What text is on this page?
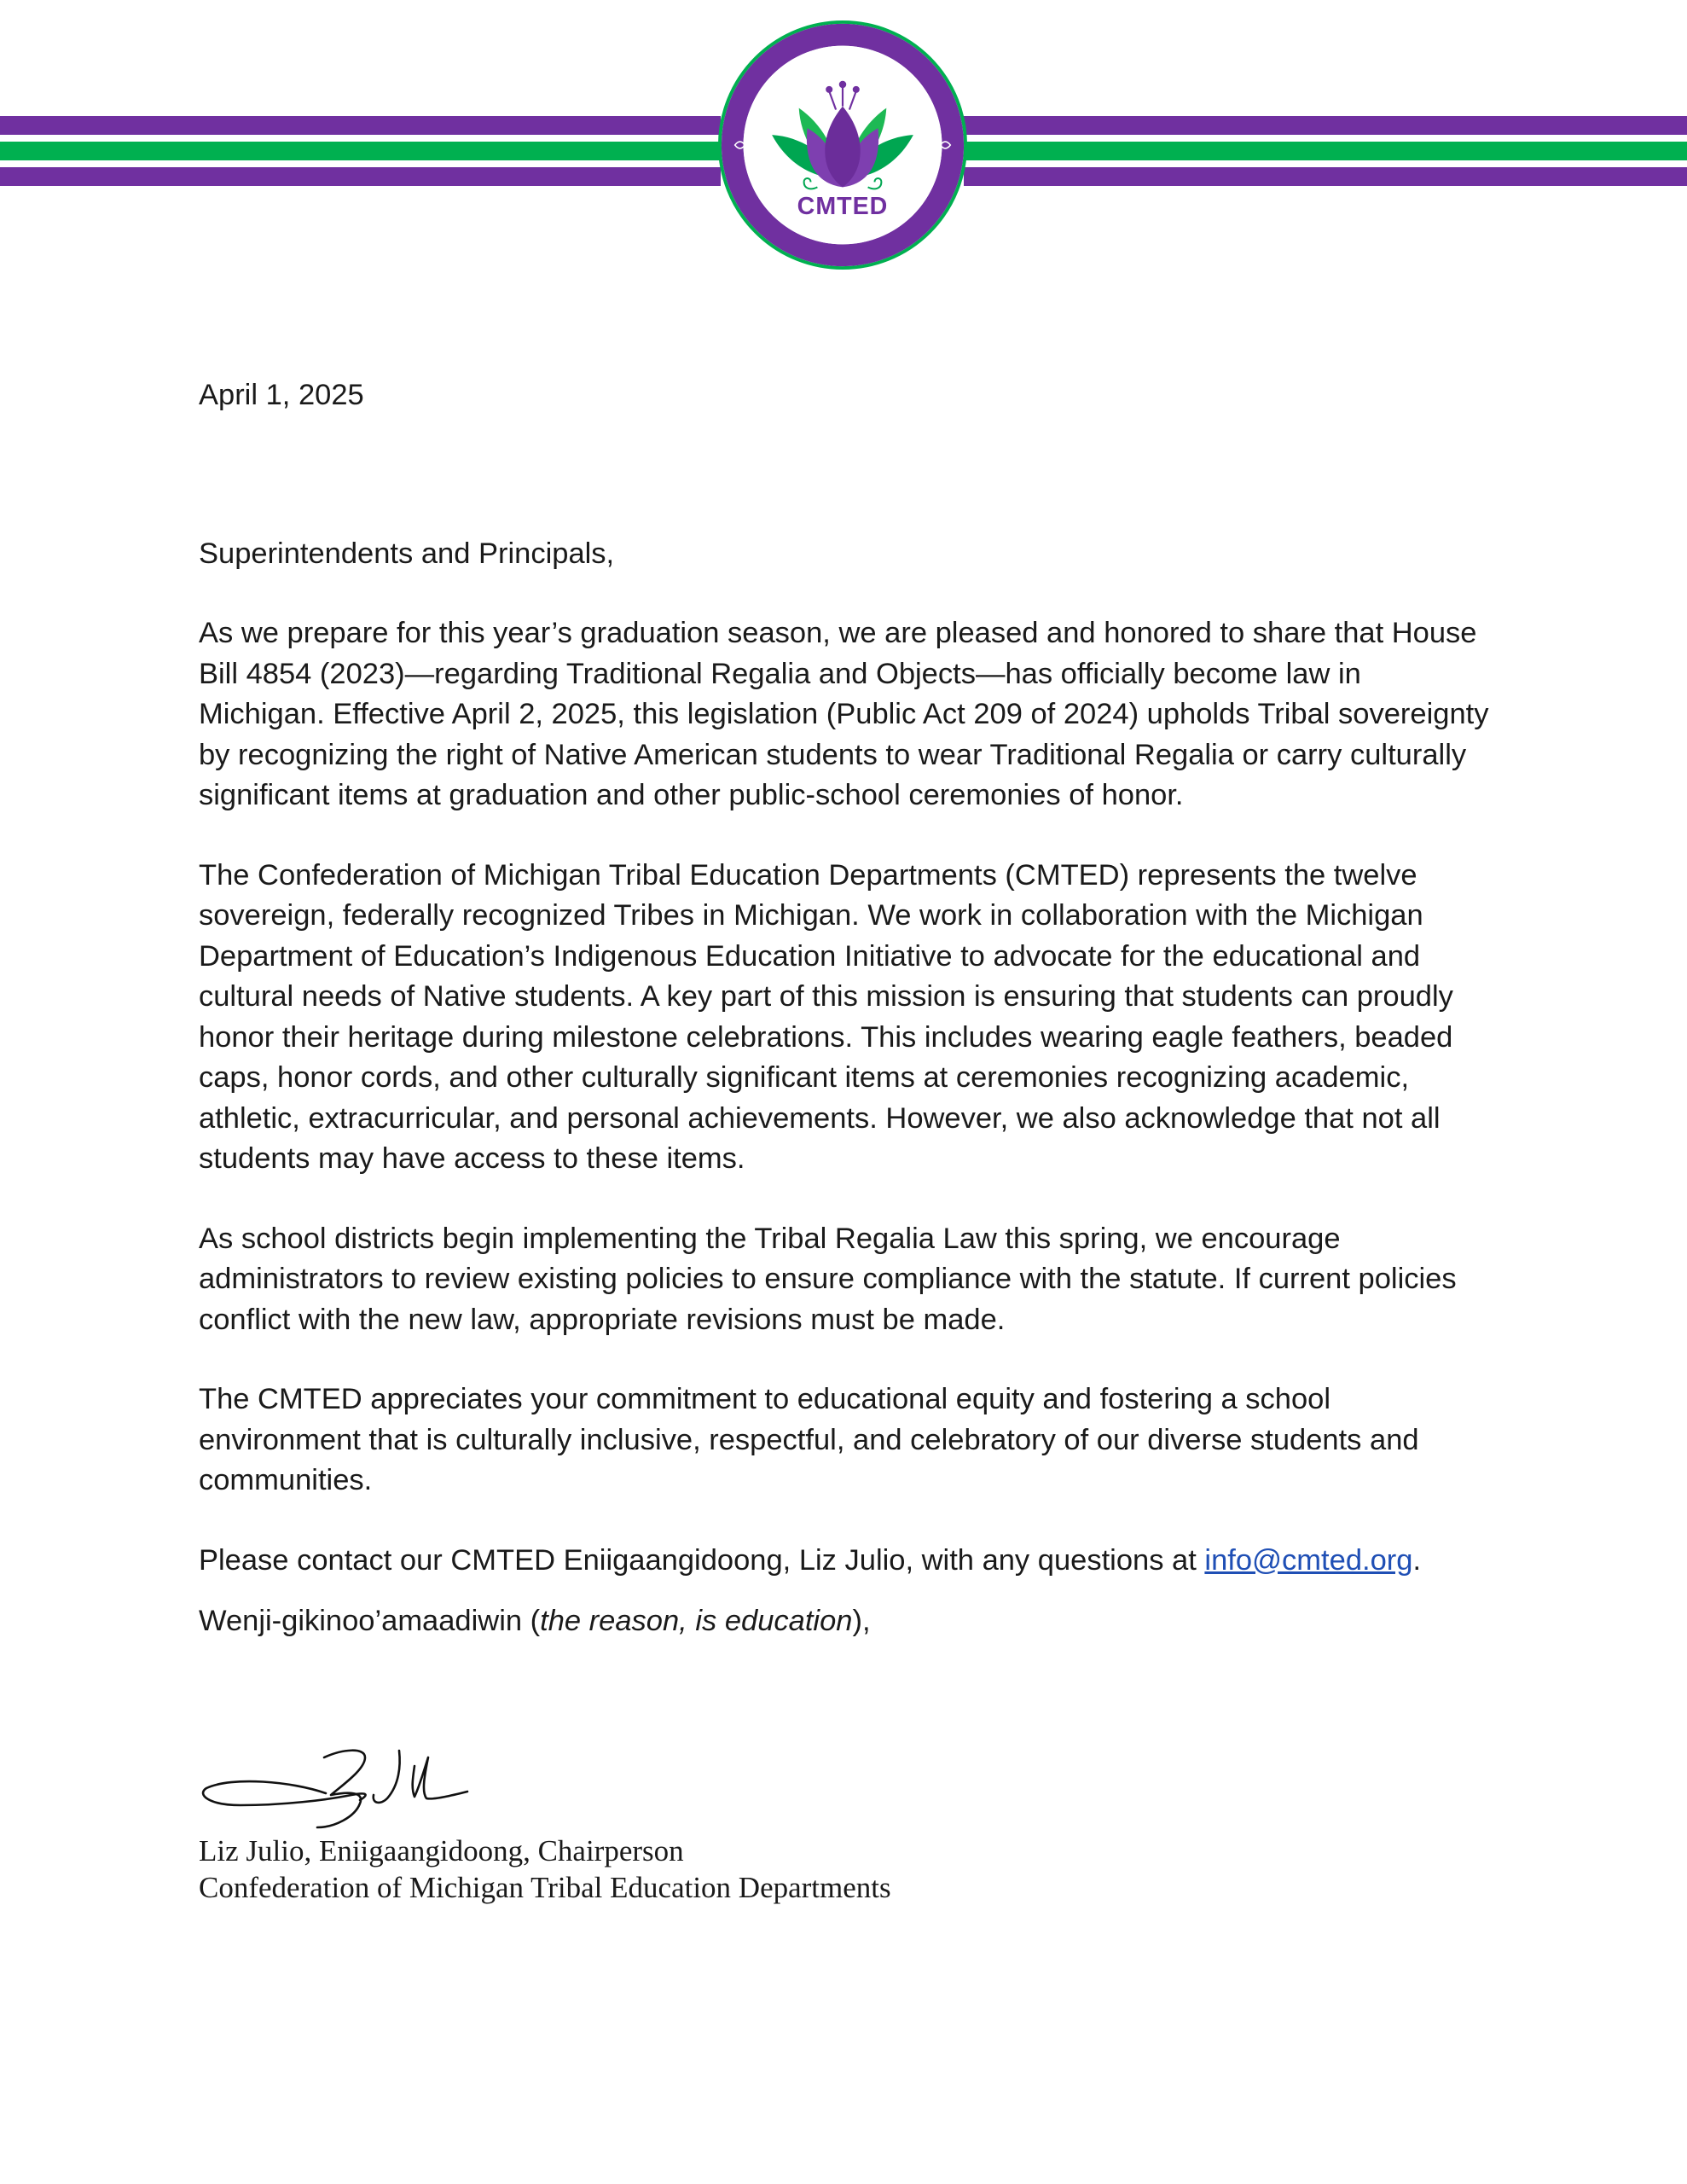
CONFEDERATION OF MICHIGAN
TRIBAL EDUCATION DEPARTMENTS
CMTED

April 1, 2025

Superintendents and Principals,

As we prepare for this year’s graduation season, we are pleased and honored to share that House Bill 4854 (2023)—regarding Traditional Regalia and Objects—has officially become law in Michigan. Effective April 2, 2025, this legislation (Public Act 209 of 2024) upholds Tribal sovereignty by recognizing the right of Native American students to wear Traditional Regalia or carry culturally significant items at graduation and other public-school ceremonies of honor.

The Confederation of Michigan Tribal Education Departments (CMTED) represents the twelve sovereign, federally recognized Tribes in Michigan. We work in collaboration with the Michigan Department of Education’s Indigenous Education Initiative to advocate for the educational and cultural needs of Native students. A key part of this mission is ensuring that students can proudly honor their heritage during milestone celebrations. This includes wearing eagle feathers, beaded caps, honor cords, and other culturally significant items at ceremonies recognizing academic, athletic, extracurricular, and personal achievements. However, we also acknowledge that not all students may have access to these items.

As school districts begin implementing the Tribal Regalia Law this spring, we encourage administrators to review existing policies to ensure compliance with the statute. If current policies conflict with the new law, appropriate revisions must be made.

The CMTED appreciates your commitment to educational equity and fostering a school environment that is culturally inclusive, respectful, and celebratory of our diverse students and communities.

Please contact our CMTED Eniigaangidoong, Liz Julio, with any questions at info@cmted.org.

Wenji-gikinoo’amaadiwin (the reason, is education),

Liz Julio, Eniigaangidoong, Chairperson
Confederation of Michigan Tribal Education Departments
